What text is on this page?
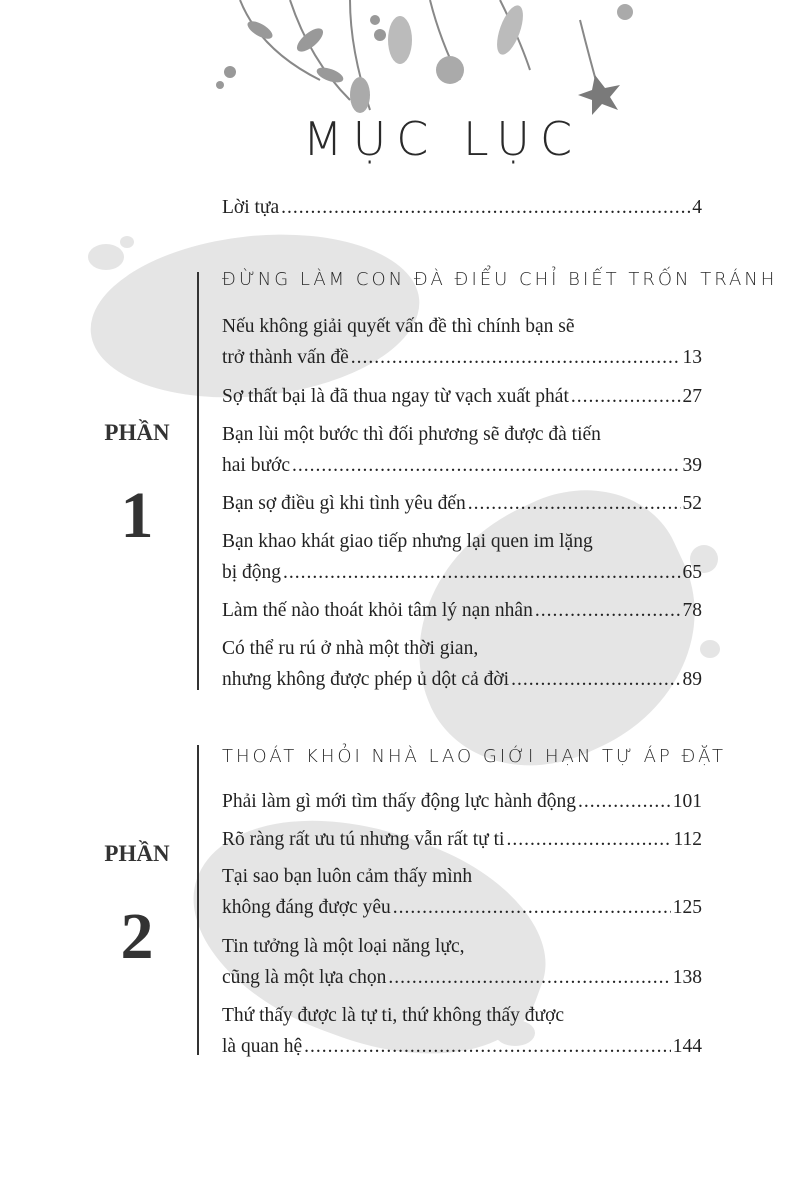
MỤC LỤC
Lời tựa .....	4
PHẦN
1
ĐỪNG LÀM CON ĐÀ ĐIỂU CHỈ BIẾT TRỐN TRÁNH
Nếu không giải quyết vấn đề thì chính bạn sẽ
trở thành vấn đề .....	13
Sợ thất bại là đã thua ngay từ vạch xuất phát .....	27
Bạn lùi một bước thì đối phương sẽ được đà tiến
hai bước .....	39
Bạn sợ điều gì khi tình yêu đến .....	52
Bạn khao khát giao tiếp nhưng lại quen im lặng
bị động .....	65
Làm thế nào thoát khỏi tâm lý nạn nhân .....	78
Có thể ru rú ở nhà một thời gian,
nhưng không được phép ủ dột cả đời .....	89
PHẦN
2
THOÁT KHỎI NHÀ LAO GIỚI HẠN TỰ ÁP ĐẶT
Phải làm gì mới tìm thấy động lực hành động .....	101
Rõ ràng rất ưu tú nhưng vẫn rất tự ti .....	112
Tại sao bạn luôn cảm thấy mình
không đáng được yêu .....	125
Tin tưởng là một loại năng lực,
cũng là một lựa chọn .....	138
Thứ thấy được là tự ti, thứ không thấy được
là quan hệ .....	144
